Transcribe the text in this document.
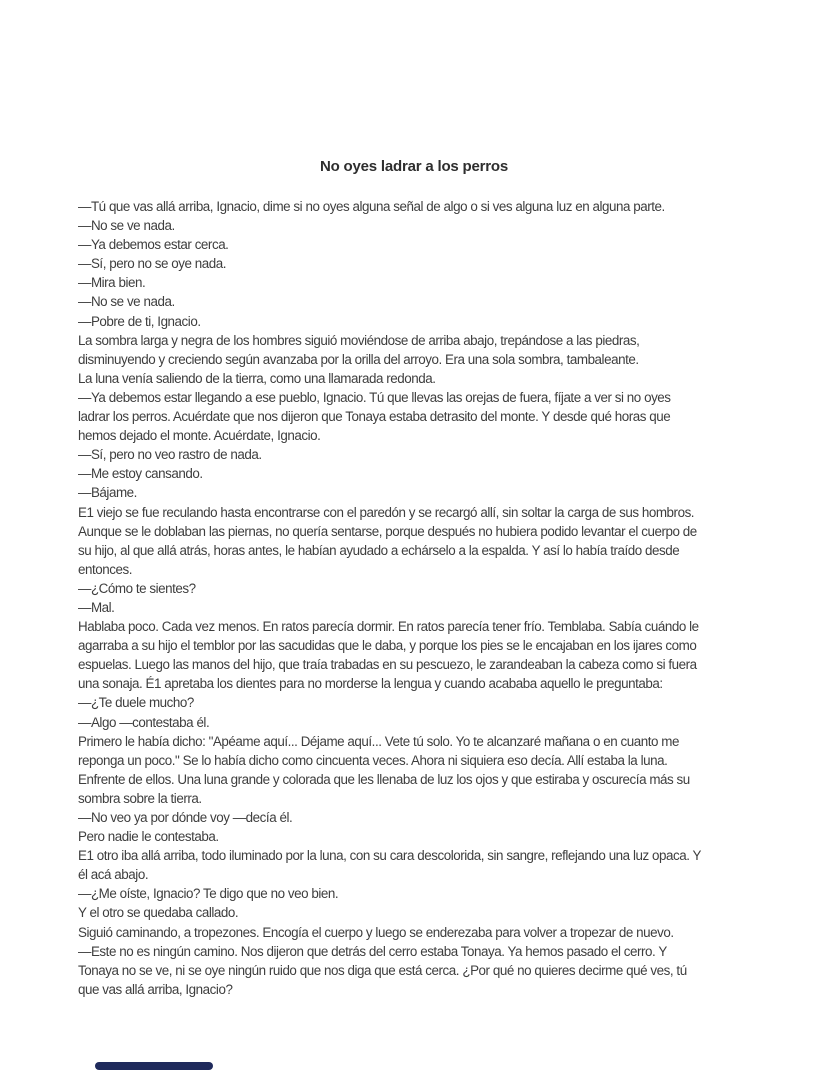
No oyes ladrar a los perros
—Tú que vas allá arriba, Ignacio, dime si no oyes alguna señal de algo o si ves alguna luz en alguna parte.
—No se ve nada.
—Ya debemos estar cerca.
—Sí, pero no se oye nada.
—Mira bien.
—No se ve nada.
—Pobre de ti, Ignacio.
La sombra larga y negra de los hombres siguió moviéndose de arriba abajo, trepándose a las piedras,
disminuyendo y creciendo según avanzaba por la orilla del arroyo. Era una sola sombra, tambaleante.
La luna venía saliendo de la tierra, como una llamarada redonda.
—Ya debemos estar llegando a ese pueblo, Ignacio. Tú que llevas las orejas de fuera, fíjate a ver si no oyes
ladrar los perros. Acuérdate que nos dijeron que Tonaya estaba detrasito del monte. Y desde qué horas que
hemos dejado el monte. Acuérdate, Ignacio.
—Sí, pero no veo rastro de nada.
—Me estoy cansando.
—Bájame.
E1 viejo se fue reculando hasta encontrarse con el paredón y se recargó allí, sin soltar la carga de sus hombros.
Aunque se le doblaban las piernas, no quería sentarse, porque después no hubiera podido levantar el cuerpo de
su hijo, al que allá atrás, horas antes, le habían ayudado a echárselo a la espalda. Y así lo había traído desde
entonces.
—¿Cómo te sientes?
—Mal.
Hablaba poco. Cada vez menos. En ratos parecía dormir. En ratos parecía tener frío. Temblaba. Sabía cuándo le
agarraba a su hijo el temblor por las sacudidas que le daba, y porque los pies se le encajaban en los ijares como
espuelas. Luego las manos del hijo, que traía trabadas en su pescuezo, le zarandeaban la cabeza como si fuera
una sonaja. É1 apretaba los dientes para no morderse la lengua y cuando acababa aquello le preguntaba:
—¿Te duele mucho?
—Algo —contestaba él.
Primero le había dicho: "Apéame aquí... Déjame aquí... Vete tú solo. Yo te alcanzaré mañana o en cuanto me
reponga un poco." Se lo había dicho como cincuenta veces. Ahora ni siquiera eso decía. Allí estaba la luna.
Enfrente de ellos. Una luna grande y colorada que les llenaba de luz los ojos y que estiraba y oscurecía más su
sombra sobre la tierra.
—No veo ya por dónde voy —decía él.
Pero nadie le contestaba.
E1 otro iba allá arriba, todo iluminado por la luna, con su cara descolorida, sin sangre, reflejando una luz opaca. Y
él acá abajo.
—¿Me oíste, Ignacio? Te digo que no veo bien.
Y el otro se quedaba callado.
Siguió caminando, a tropezones. Encogía el cuerpo y luego se enderezaba para volver a tropezar de nuevo.
—Este no es ningún camino. Nos dijeron que detrás del cerro estaba Tonaya. Ya hemos pasado el cerro. Y
Tonaya no se ve, ni se oye ningún ruido que nos diga que está cerca. ¿Por qué no quieres decirme qué ves, tú
que vas allá arriba, Ignacio?
